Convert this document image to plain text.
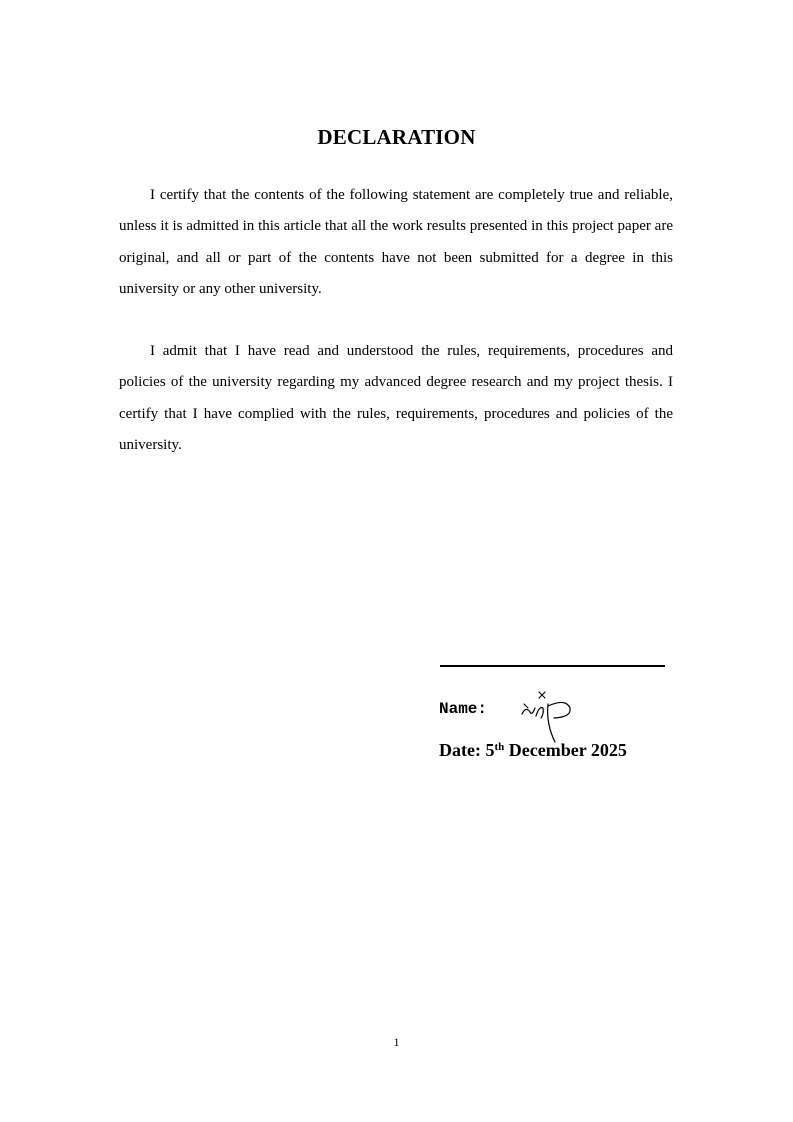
DECLARATION

I certify that the contents of the following statement are completely true and reliable, unless it is admitted in this article that all the work results presented in this project paper are original, and all or part of the contents have not been submitted for a degree in this university or any other university.

I admit that I have read and understood the rules, requirements, procedures and policies of the university regarding my advanced degree research and my project thesis. I certify that I have complied with the rules, requirements, procedures and policies of the university.

Name:
Date: 5th December 2025
1
